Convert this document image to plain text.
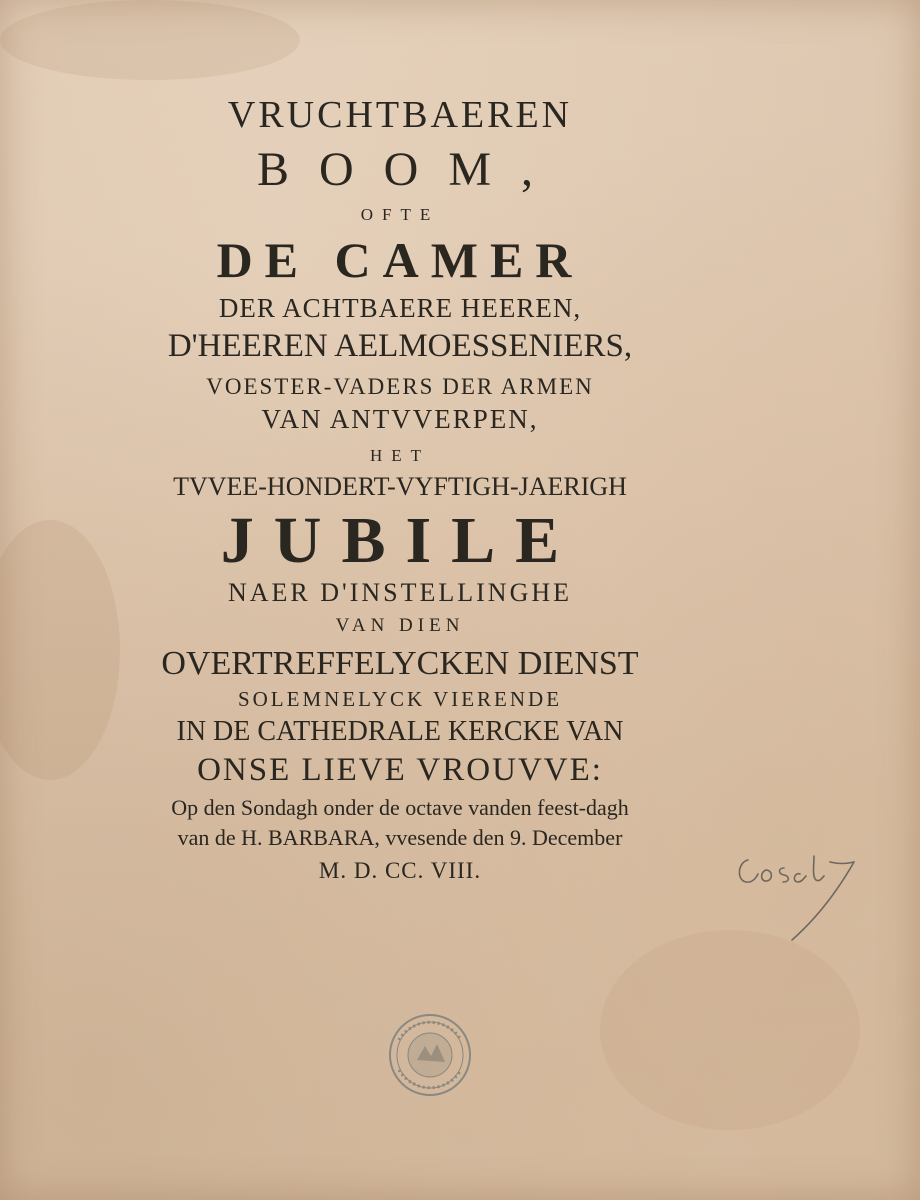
VRUCHTBAEREN
BOOM,
OFTE
DE CAMER
DER ACHTBAERE HEEREN,
D'HEEREN AELMOESSENIERS,
VOESTER-VADERS DER ARMEN
VAN ANTVVERPEN,
HET
TVVEE-HONDERT-VYFTIGH-JAERIGH
JUBILE
NAER D'INSTELLINGHE
VAN DIEN
OVERTREFFELYCKEN DIENST
SOLEMNELYCK VIERENDE
IN DE CATHEDRALE KERCKE VAN
ONSE LIEVE VROUVVE:
Op den Sondagh onder de octave vanden feest-dagh
van de H. BARBARA, vvesende den 9. December
M. D. CC. VIII.
